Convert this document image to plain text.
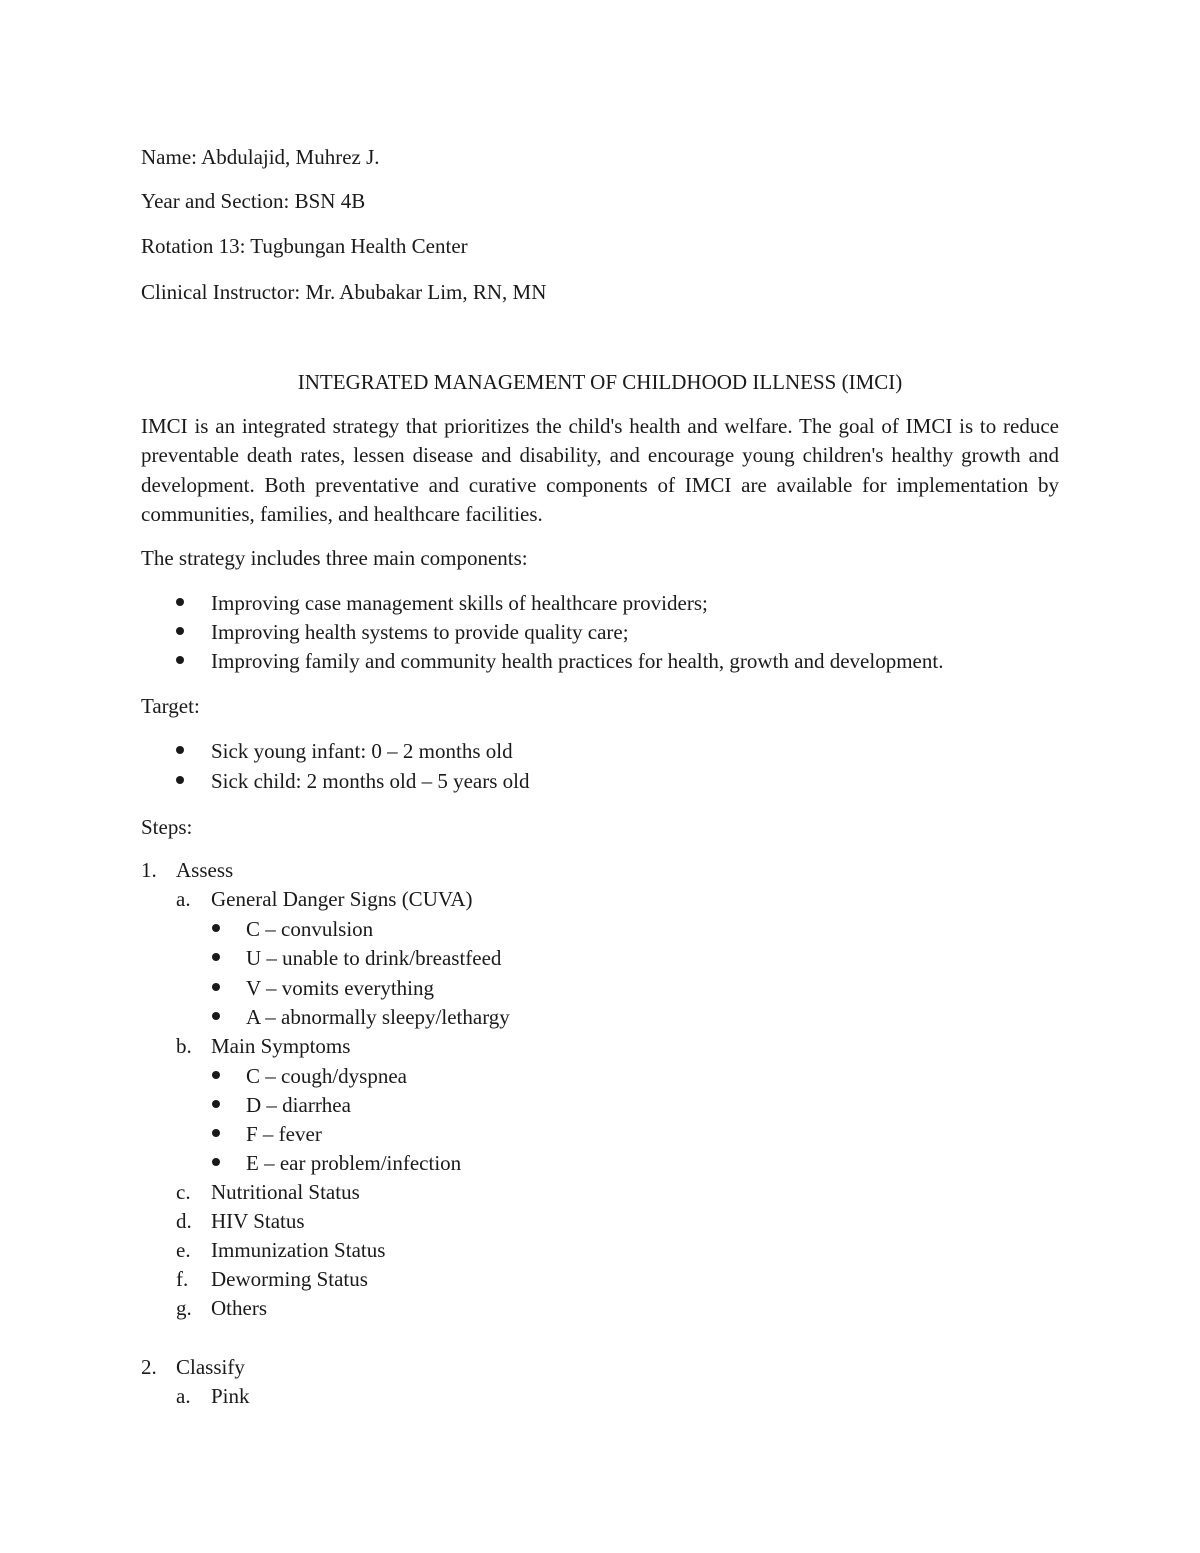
Name: Abdulajid, Muhrez J.

Year and Section: BSN 4B

Rotation 13: Tugbungan Health Center

Clinical Instructor: Mr. Abubakar Lim, RN, MN

INTEGRATED MANAGEMENT OF CHILDHOOD ILLNESS (IMCI)

IMCI is an integrated strategy that prioritizes the child's health and welfare. The goal of IMCI is to reduce preventable death rates, lessen disease and disability, and encourage young children's healthy growth and development. Both preventative and curative components of IMCI are available for implementation by communities, families, and healthcare facilities.

The strategy includes three main components:

Improving case management skills of healthcare providers;

Improving health systems to provide quality care;

Improving family and community health practices for health, growth and development.

Target:

Sick young infant: 0 – 2 months old

Sick child: 2 months old – 5 years old

Steps:

1. Assess

a. General Danger Signs (CUVA)

C – convulsion

U – unable to drink/breastfeed

V – vomits everything

A – abnormally sleepy/lethargy

b. Main Symptoms

C – cough/dyspnea

D – diarrhea

F – fever

E – ear problem/infection

c. Nutritional Status

d. HIV Status

e. Immunization Status

f. Deworming Status

g. Others

2. Classify

a. Pink
